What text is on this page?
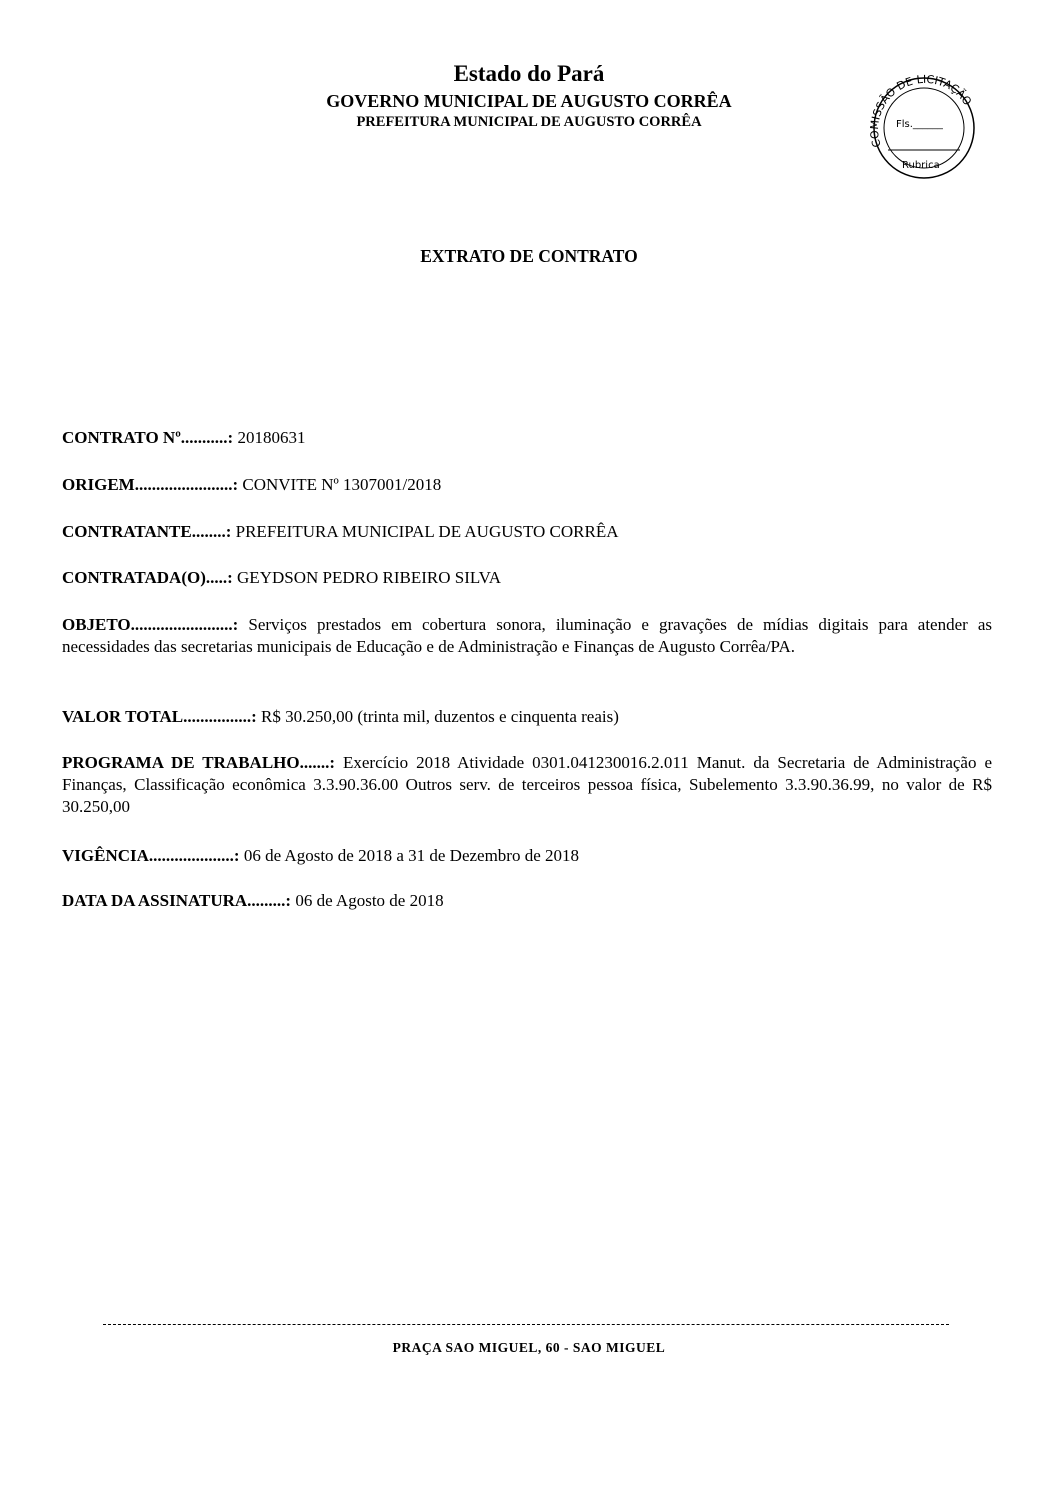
Estado do Pará
GOVERNO MUNICIPAL DE AUGUSTO CORRÊA
PREFEITURA MUNICIPAL DE AUGUSTO CORRÊA
COMISSÃO DE LICITAÇÃO
Fls.______
Rubrica
EXTRATO DE CONTRATO
CONTRATO Nº...........: 20180631
ORIGEM.......................: CONVITE Nº 1307001/2018
CONTRATANTE........: PREFEITURA MUNICIPAL DE AUGUSTO CORRÊA
CONTRATADA(O).....: GEYDSON PEDRO RIBEIRO SILVA
OBJETO........................: Serviços prestados em cobertura sonora, iluminação e gravações de mídias digitais para atender as necessidades das secretarias municipais de Educação e de Administração e Finanças de Augusto Corrêa/PA.
VALOR TOTAL................: R$ 30.250,00 (trinta mil, duzentos e cinquenta reais)
PROGRAMA DE TRABALHO.......: Exercício 2018 Atividade 0301.041230016.2.011 Manut. da Secretaria de Administração e Finanças, Classificação econômica 3.3.90.36.00 Outros serv. de terceiros pessoa física, Subelemento 3.3.90.36.99, no valor de R$ 30.250,00
VIGÊNCIA....................: 06 de Agosto de 2018 a 31 de Dezembro de 2018
DATA DA ASSINATURA.........: 06 de Agosto de 2018
PRAÇA SAO MIGUEL, 60 - SAO MIGUEL
